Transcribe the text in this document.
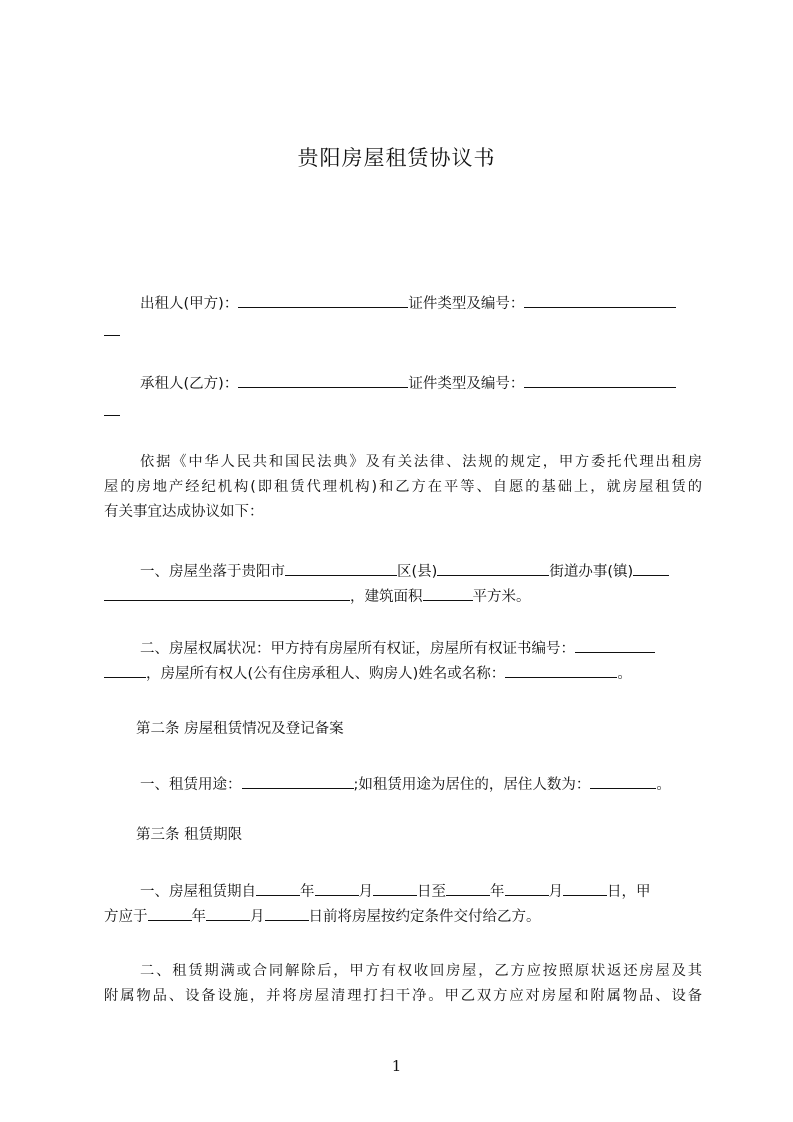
贵阳房屋租赁协议书
出租人(甲方)：	证件类型及编号：
承租人(乙方)：	证件类型及编号：
依据《中华人民共和国民法典》及有关法律、法规的规定，甲方委托代理出租房
屋的房地产经纪机构(即租赁代理机构)和乙方在平等、自愿的基础上，就房屋租赁的
有关事宜达成协议如下：
一、房屋坐落于贵阳市	区(县)	街道办事(镇)
，建筑面积	平方米。
二、房屋权属状况：甲方持有房屋所有权证，房屋所有权证书编号：
，房屋所有权人(公有住房承租人、购房人)姓名或名称：	。
第二条 房屋租赁情况及登记备案
一、租赁用途：	;如租赁用途为居住的，居住人数为：	。
第三条 租赁期限
一、房屋租赁期自	年	月	日至	年	月	日，甲
方应于	年	月	日前将房屋按约定条件交付给乙方。
二、租赁期满或合同解除后，甲方有权收回房屋，乙方应按照原状返还房屋及其
附属物品、设备设施，并将房屋清理打扫干净。甲乙双方应对房屋和附属物品、设备
1
